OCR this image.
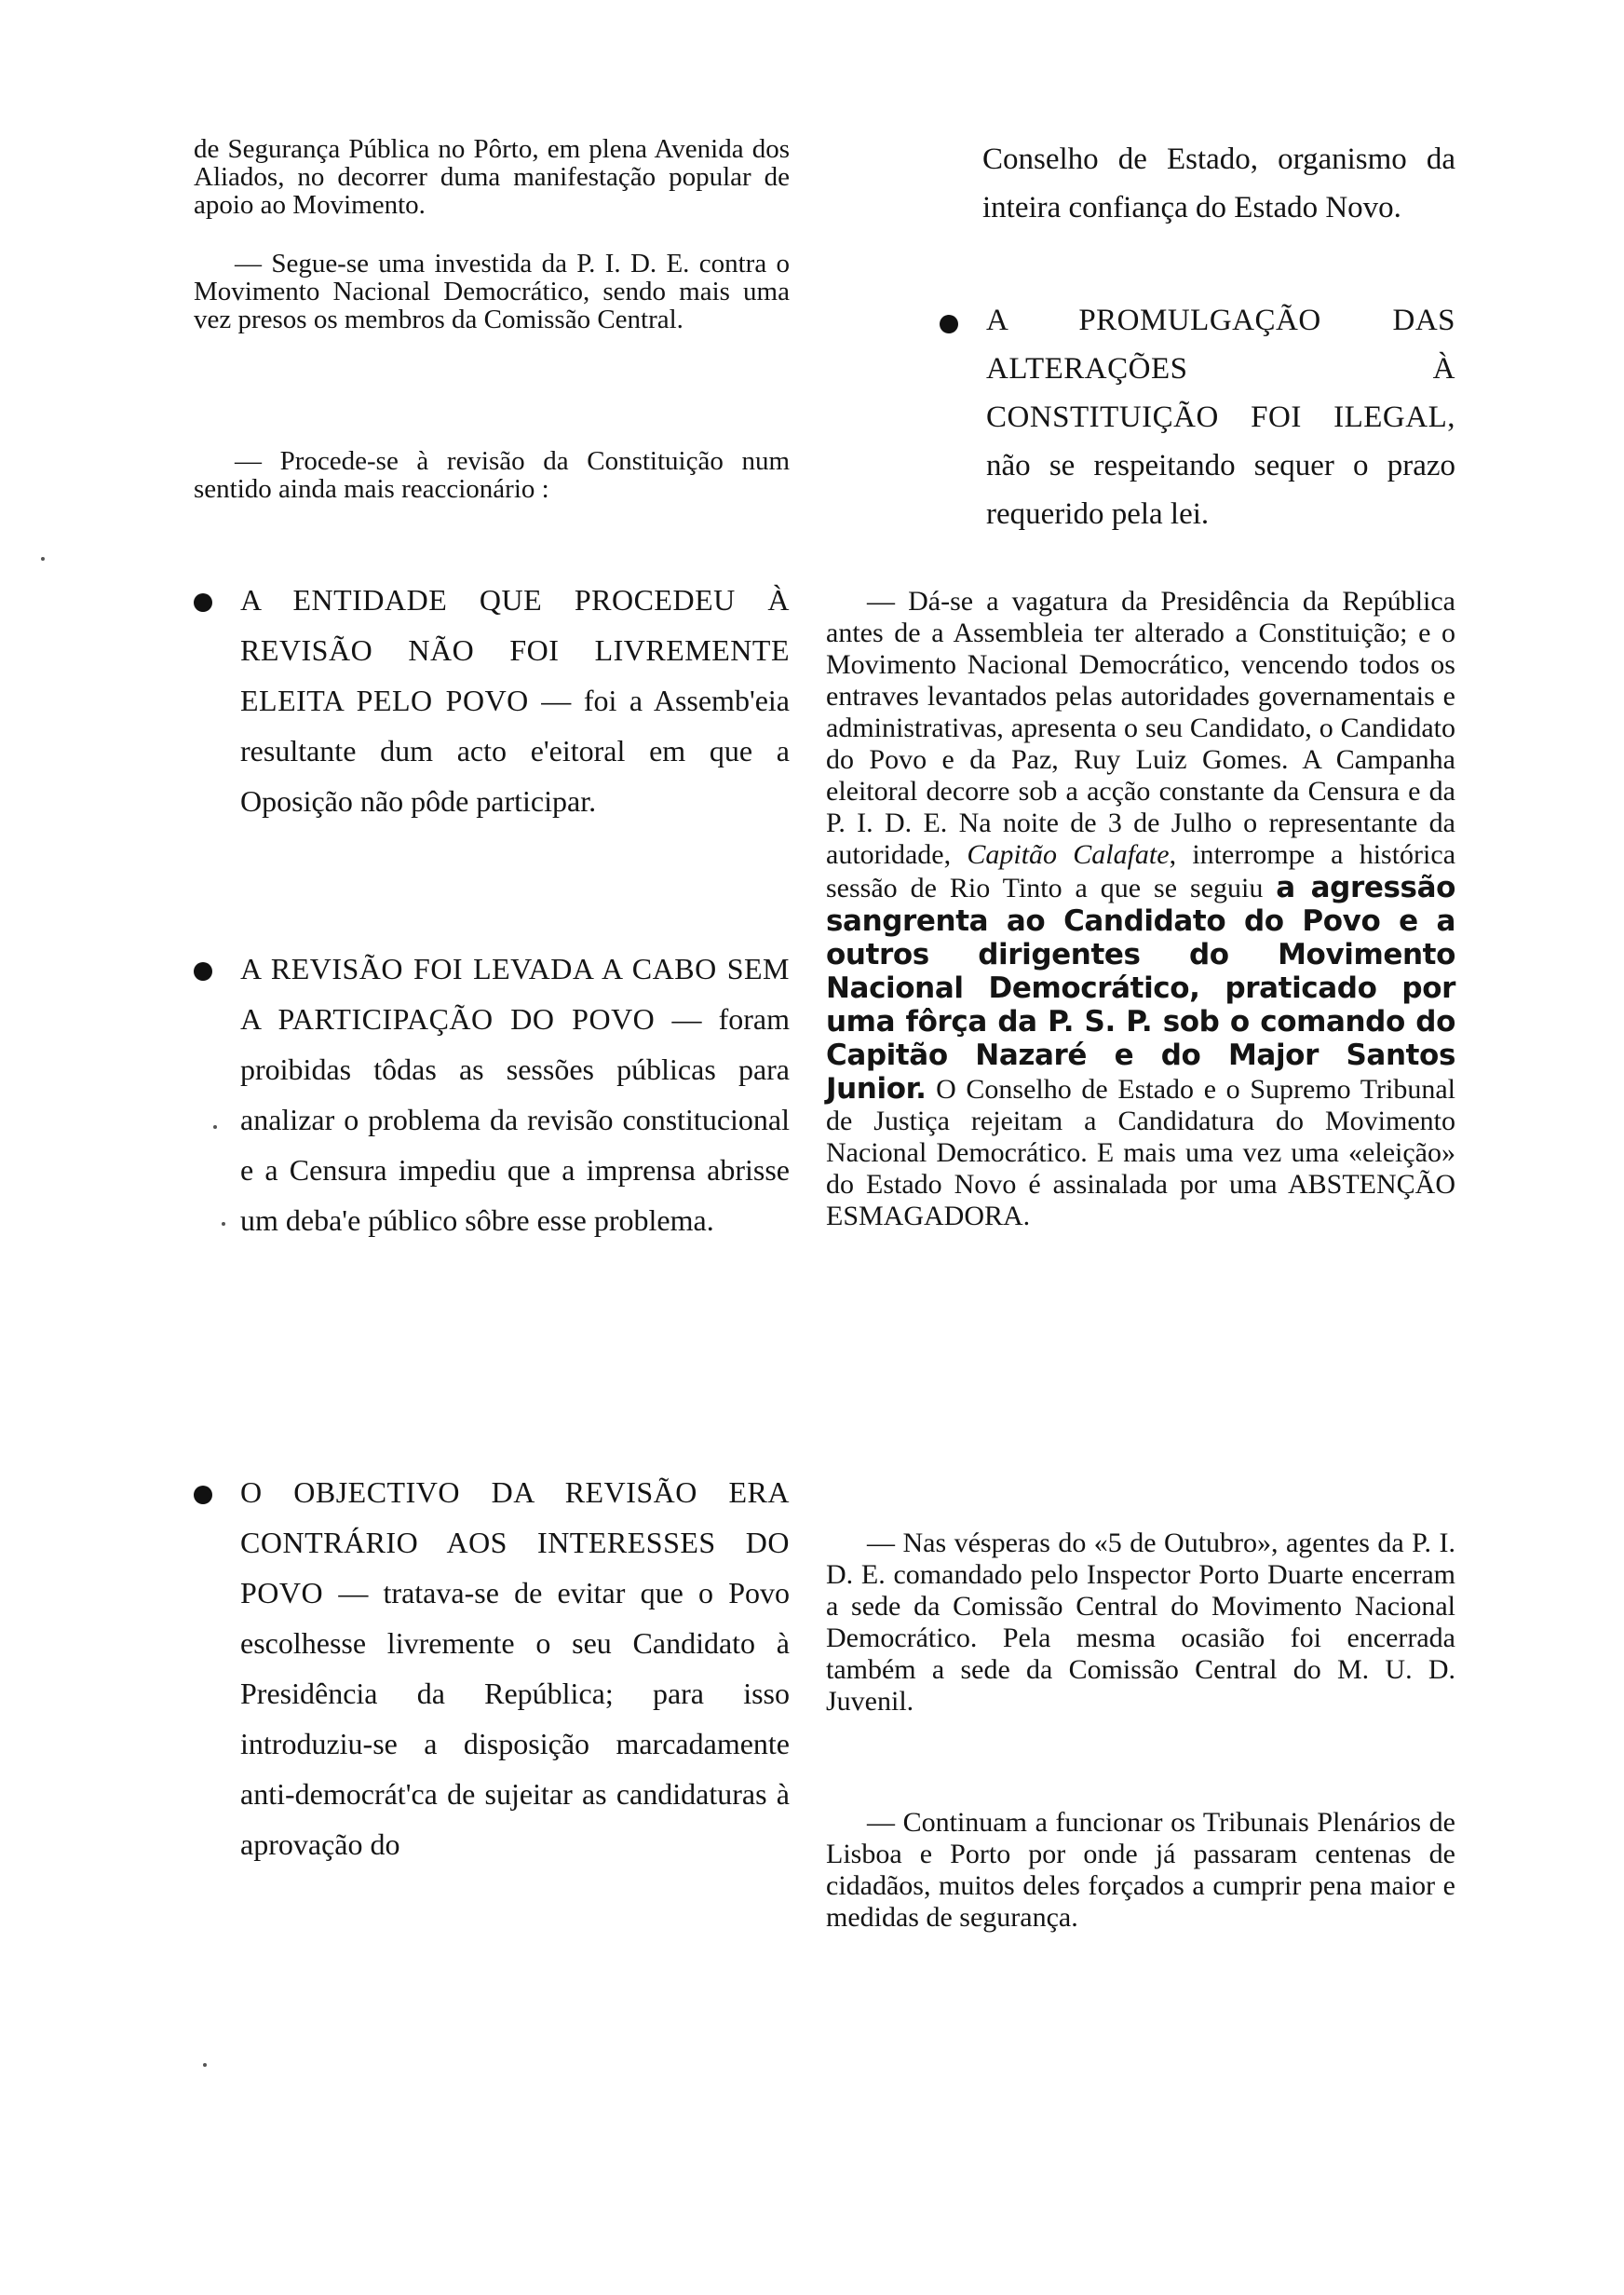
de Segurança Pública no Pôrto, em plena Avenida dos Aliados, no decorrer duma manifestação popular de apoio ao Movimento.

— Segue-se uma investida da P. I. D. E. contra o Movimento Nacional Democrático, sendo mais uma vez presos os membros da Comissão Central.

— Procede-se à revisão da Constituição num sentido ainda mais reaccionário :

A ENTIDADE QUE PROCEDEU À REVISÃO NÃO FOI LIVREMENTE ELEITA PELO POVO — foi a Assemb'eia resultante dum acto e'eitoral em que a Oposição não pôde participar.
A REVISÃO FOI LEVADA A CABO SEM A PARTICIPAÇÃO DO POVO — foram proibidas tôdas as sessões públicas para analizar o problema da revisão constitucional e a Censura impediu que a imprensa abrisse um deba'e público sôbre esse problema.
O OBJECTIVO DA REVISÃO ERA CONTRÁRIO AOS INTERESSES DO POVO — tratava-se de evitar que o Povo escolhesse livremente o seu Candidato à Presidência da República; para isso introduziu-se a disposição marcadamente anti-democrát'ca de sujeitar as candidaturas à aprovação do

Conselho de Estado, organismo da inteira confiança do Estado Novo.

A PROMULGAÇÃO DAS ALTERAÇÕES À CONSTITUIÇÃO FOI ILEGAL, não se respeitando sequer o prazo requerido pela lei.

— Dá-se a vagatura da Presidência da República antes de a Assembleia ter alterado a Constituição; e o Movimento Nacional Democrático, vencendo todos os entraves levantados pelas autoridades governamentais e administrativas, apresenta o seu Candidato, o Candidato do Povo e da Paz, Ruy Luiz Gomes. A Campanha eleitoral decorre sob a acção constante da Censura e da P. I. D. E. Na noite de 3 de Julho o representante da autoridade, Capitão Calafate, interrompe a histórica sessão de Rio Tinto a que se seguiu a agressão sangrenta ao Candidato do Povo e a outros dirigentes do Movimento Nacional Democrático, praticado por uma fôrça da P. S. P. sob o comando do Capitão Nazaré e do Major Santos Junior. O Conselho de Estado e o Supremo Tribunal de Justiça rejeitam a Candidatura do Movimento Nacional Democrático. E mais uma vez uma «eleição» do Estado Novo é assinalada por uma ABSTENÇÃO ESMAGADORA.

— Nas vésperas do «5 de Outubro», agentes da P. I. D. E. comandado pelo Inspector Porto Duarte encerram a sede da Comissão Central do Movimento Nacional Democrático. Pela mesma ocasião foi encerrada também a sede da Comissão Central do M. U. D. Juvenil.

— Continuam a funcionar os Tribunais Plenários de Lisboa e Porto por onde já passaram centenas de cidadãos, muitos deles forçados a cumprir pena maior e medidas de segurança.
